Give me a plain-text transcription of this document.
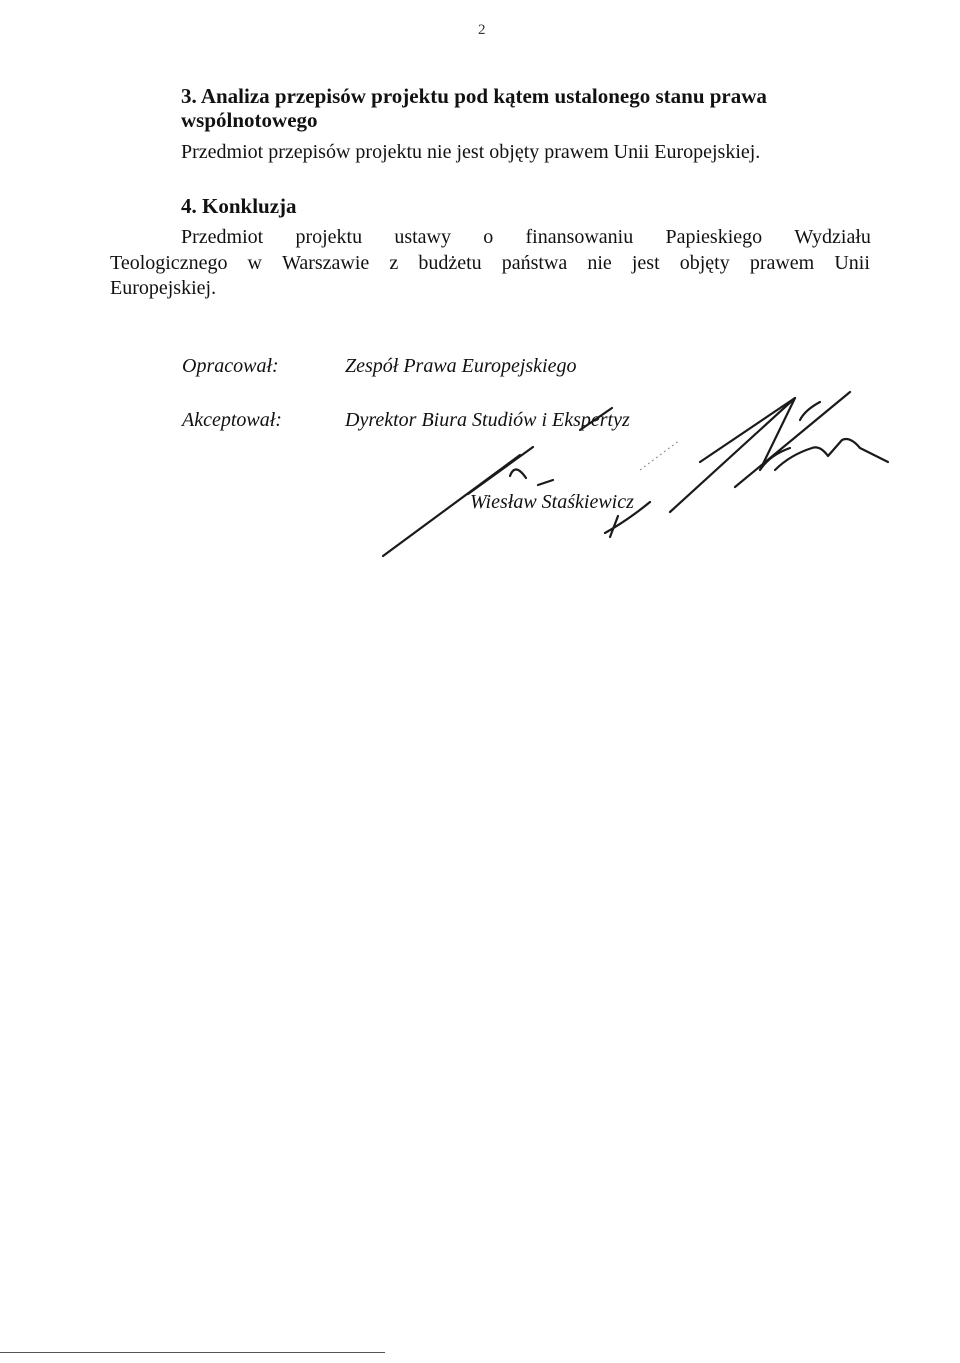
2
3. Analiza przepisów projektu pod kątem ustalonego stanu prawa
wspólnotowego
Przedmiot przepisów projektu nie jest objęty prawem Unii Europejskiej.
4. Konkluzja
Przedmiot projektu ustawy o finansowaniu Papieskiego Wydziału
Teologicznego w Warszawie z budżetu państwa nie jest objęty prawem Unii
Europejskiej.
Opracował:	Zespół Prawa Europejskiego
Akceptował:	Dyrektor Biura Studiów i Ekspertyz
Wiesław Staśkiewicz
